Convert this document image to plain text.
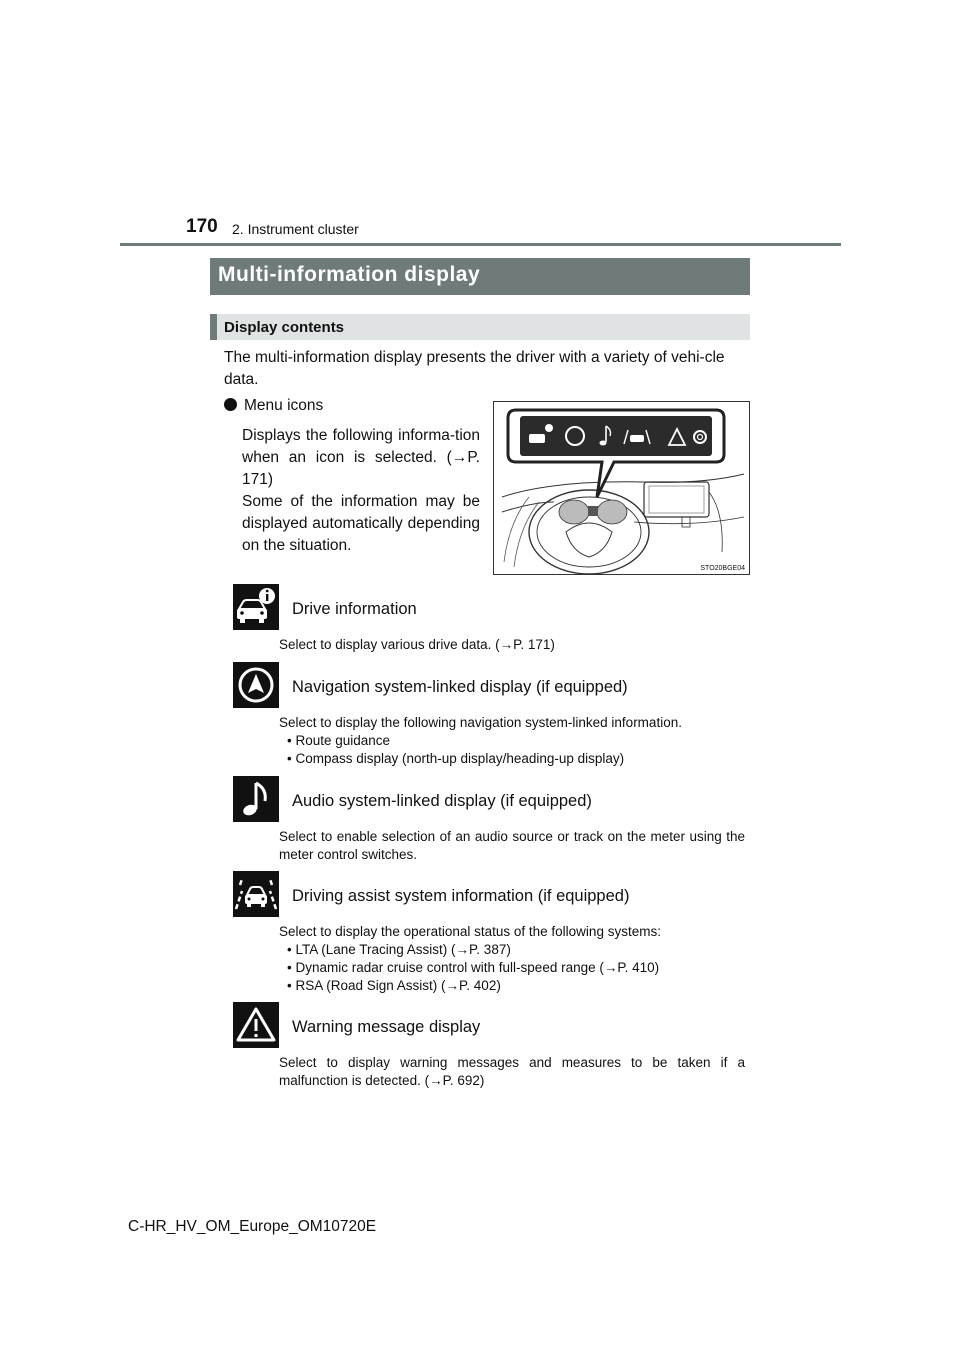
170 2. Instrument cluster
Multi-information display
Display contents
The multi-information display presents the driver with a variety of vehi-cle data.
Menu icons
Displays the following informa-tion when an icon is selected. (→P. 171)
Some of the information may be displayed automatically depending on the situation.
STO20BGE04
Drive information
Select to display various drive data. (→P. 171)
Navigation system-linked display (if equipped)
Select to display the following navigation system-linked information.
• Route guidance
• Compass display (north-up display/heading-up display)
Audio system-linked display (if equipped)
Select to enable selection of an audio source or track on the meter using the meter control switches.
Driving assist system information (if equipped)
Select to display the operational status of the following systems:
• LTA (Lane Tracing Assist) (→P. 387)
• Dynamic radar cruise control with full-speed range (→P. 410)
• RSA (Road Sign Assist) (→P. 402)
Warning message display
Select to display warning messages and measures to be taken if a malfunction is detected. (→P. 692)
C-HR_HV_OM_Europe_OM10720E
